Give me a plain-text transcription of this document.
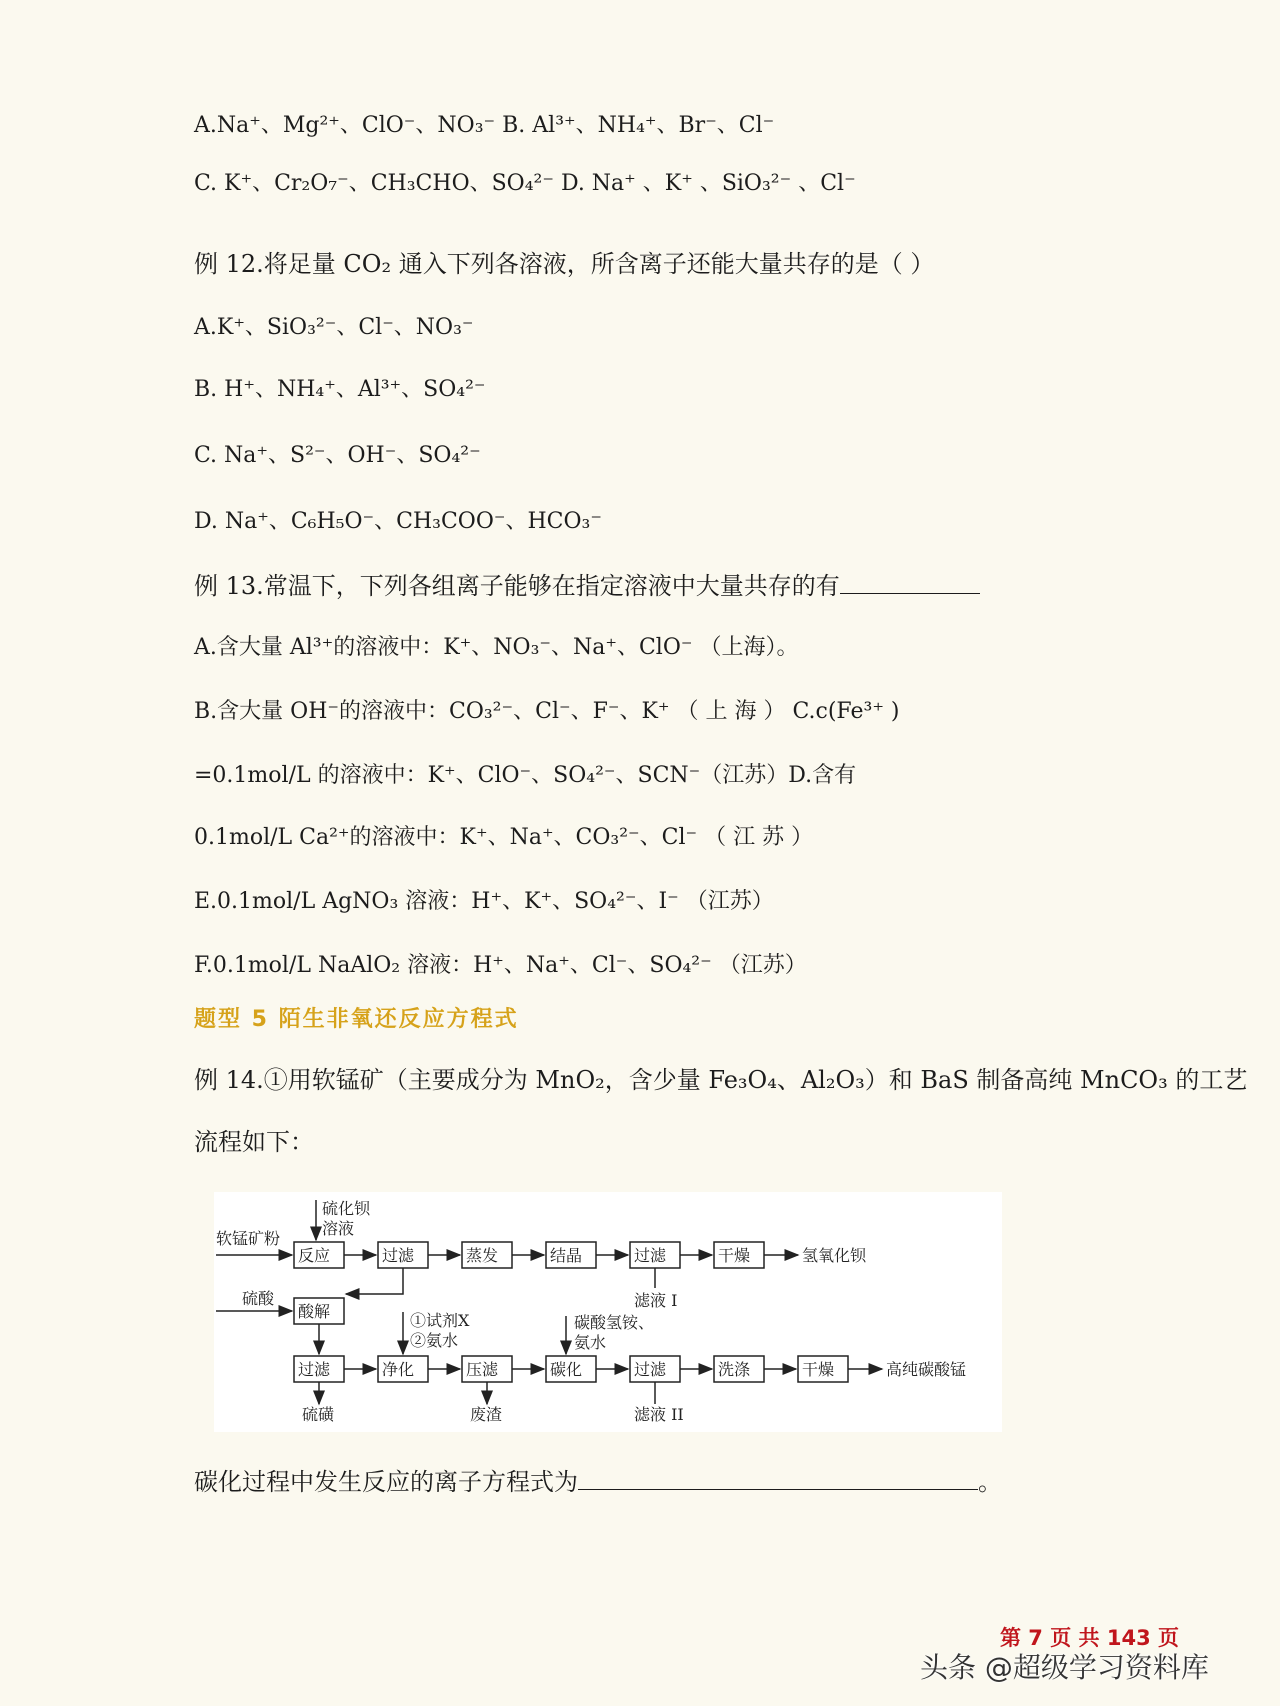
A.Na⁺、Mg²⁺、ClO⁻、NO₃⁻ B. Al³⁺、NH₄⁺、Br⁻、Cl⁻
C. K⁺、Cr₂O₇⁻、CH₃CHO、SO₄²⁻ D. Na⁺ 、K⁺ 、SiO₃²⁻ 、Cl⁻
例 12.将足量 CO₂ 通入下列各溶液，所含离子还能大量共存的是（ ）
A.K⁺、SiO₃²⁻、Cl⁻、NO₃⁻
B. H⁺、NH₄⁺、Al³⁺、SO₄²⁻
C. Na⁺、S²⁻、OH⁻、SO₄²⁻
D. Na⁺、C₆H₅O⁻、CH₃COO⁻、HCO₃⁻
例 13.常温下，下列各组离子能够在指定溶液中大量共存的有
A.含大量 Al³⁺的溶液中：K⁺、NO₃⁻、Na⁺、ClO⁻ （上海）。
B.含大量 OH⁻的溶液中：CO₃²⁻、Cl⁻、F⁻、K⁺ （ 上 海 ） C.c(Fe³⁺ )
=0.1mol/L 的溶液中：K⁺、ClO⁻、SO₄²⁻、SCN⁻（江苏）D.含有
0.1mol/L Ca²⁺的溶液中：K⁺、Na⁺、CO₃²⁻、Cl⁻ （ 江 苏 ）
E.0.1mol/L AgNO₃ 溶液：H⁺、K⁺、SO₄²⁻、I⁻ （江苏）
F.0.1mol/L NaAlO₂ 溶液：H⁺、Na⁺、Cl⁻、SO₄²⁻ （江苏）
题型 5 陌生非氧还反应方程式
例 14.①用软锰矿（主要成分为 MnO₂，含少量 Fe₃O₄、Al₂O₃）和 BaS 制备高纯 MnCO₃ 的工艺
流程如下：
反应	过滤	蒸发	结晶	过滤	干燥	氢氧化钡
软锰矿粉
硫化钡
溶液
滤液 I
硫酸
酸解	①试剂X
②氨水
碳酸氢铵、
氨水
过滤	净化	压滤	碳化	过滤	洗涤	干燥	高纯碳酸锰
硫磺	废渣	滤液 II
碳化过程中发生反应的离子方程式为	。
第 7 页 共 143 页
头条 @超级学习资料库
